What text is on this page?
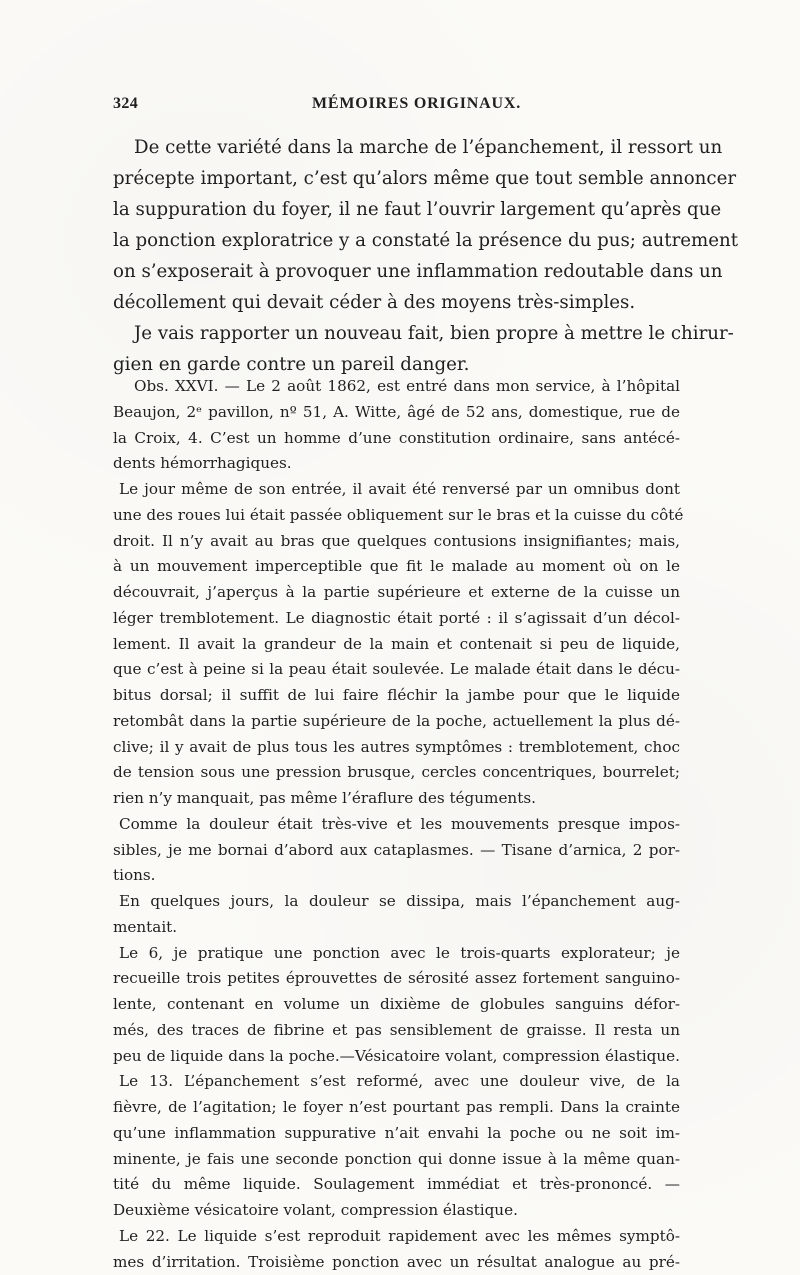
324	MÉMOIRES ORIGINAUX.
De cette variété dans la marche de l’épanchement, il ressort un
précepte important, c’est qu’alors même que tout semble annoncer
la suppuration du foyer, il ne faut l’ouvrir largement qu’après que
la ponction exploratrice y a constaté la présence du pus; autrement
on s’exposerait à provoquer une inflammation redoutable dans un
décollement qui devait céder à des moyens très-simples.
Je vais rapporter un nouveau fait, bien propre à mettre le chirur-
gien en garde contre un pareil danger.
Obs. XXVI. — Le 2 août 1862, est entré dans mon service, à l’hôpital
Beaujon, 2ᵉ pavillon, nº 51, A. Witte, âgé de 52 ans, domestique, rue de
la Croix, 4. C’est un homme d’une constitution ordinaire, sans antécé-
dents hémorrhagiques.
Le jour même de son entrée, il avait été renversé par un omnibus dont
une des roues lui était passée obliquement sur le bras et la cuisse du côté
droit. Il n’y avait au bras que quelques contusions insignifiantes; mais,
à un mouvement imperceptible que fit le malade au moment où on le
découvrait, j’aperçus à la partie supérieure et externe de la cuisse un
léger tremblotement. Le diagnostic était porté : il s’agissait d’un décol-
lement. Il avait la grandeur de la main et contenait si peu de liquide,
que c’est à peine si la peau était soulevée. Le malade était dans le décu-
bitus dorsal; il suffit de lui faire fléchir la jambe pour que le liquide
retombât dans la partie supérieure de la poche, actuellement la plus dé-
clive; il y avait de plus tous les autres symptômes : tremblotement, choc
de tension sous une pression brusque, cercles concentriques, bourrelet;
rien n’y manquait, pas même l’éraflure des téguments.
Comme la douleur était très-vive et les mouvements presque impos-
sibles, je me bornai d’abord aux cataplasmes. — Tisane d’arnica, 2 por-
tions.
En quelques jours, la douleur se dissipa, mais l’épanchement aug-
mentait.
Le 6, je pratique une ponction avec le trois-quarts explorateur; je
recueille trois petites éprouvettes de sérosité assez fortement sanguino-
lente, contenant en volume un dixième de globules sanguins défor-
més, des traces de fibrine et pas sensiblement de graisse. Il resta un
peu de liquide dans la poche.—Vésicatoire volant, compression élastique.
Le 13. L’épanchement s’est reformé, avec une douleur vive, de la
fièvre, de l’agitation; le foyer n’est pourtant pas rempli. Dans la crainte
qu’une inflammation suppurative n’ait envahi la poche ou ne soit im-
minente, je fais une seconde ponction qui donne issue à la même quan-
tité du même liquide. Soulagement immédiat et très-prononcé. —
Deuxième vésicatoire volant, compression élastique.
Le 22. Le liquide s’est reproduit rapidement avec les mêmes symptô-
mes d’irritation. Troisième ponction avec un résultat analogue au pré-
